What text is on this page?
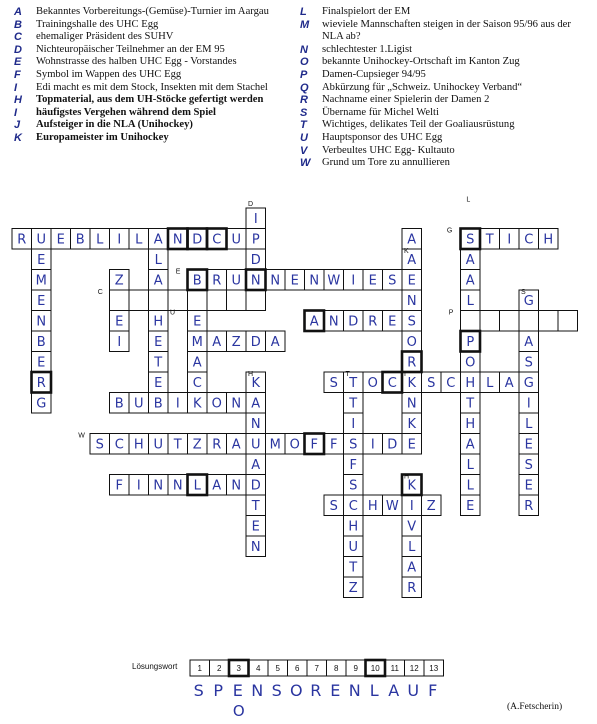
A	Bekanntes Vorbereitungs-(Gemüse)-Turnier im Aargau
B	Trainingshalle des UHC Egg
C	ehemaliger Präsident des SUHV
D	Nichteuropäischer Teilnehmer an der EM 95
E	Wohnstrasse des halben UHC Egg - Vorstandes
F	Symbol im Wappen des UHC Egg
I	Edi macht es mit dem Stock, Insekten mit dem Stachel
H	Topmaterial, aus dem UH-Stöcke gefertigt werden
I	häufigstes Vergehen während dem Spiel
J	Aufsteiger in die NLA (Unihockey)
K	Europameister im Unihockey
L	Finalspielort der EM
M	wieviele Mannschaften steigen in der Saison 95/96 aus der NLA ab?
N	schlechtester 1.Ligist
O	bekannte Unihockey-Ortschaft im Kanton Zug
P	Damen-Cupsieger 94/95
Q	Abkürzung für „Schweiz. Unihockey Verband“
R	Nachname einer Spielerin der Damen 2
S	Übername für Michel Welti
T	Wichtiges, delikates Teil der Goaliausrüstung
U	Hauptsponsor des UHC Egg
V	Verbeultes UHC Egg- Kultauto
W	Grund um Tore zu annullieren
R U E B L I L A N D C U P	S T I C H
B R U N N E N W I E S E
A N D R E S
M A Z D A
S T O C K S C H L A G
B U B I K O N
S C H U T Z R A U M O F F S I D E
F I N N L A N D
S C H W I Z
E
M
E
N
B
E
R
G
Z
E
I
L
A
H
E
T
E
E
A
C
I
D
K
A
N
A
T
E
N
T
I
F
S
H
U
T
Z
A
A
N
O
R
N
K
K
V
L
A
R
A
A
L
P
O
T
H
A
L
L
E
G
A
S
I
L
E
S
E
R
D
L
G
K
E
S
C
U	P
T
H	I
W
H
1 2 3 4 5 6 7 8 9 10 11 12 13
S P E N S O R E N L A U F
O
Lösungswort
(A.Fetscherin)
